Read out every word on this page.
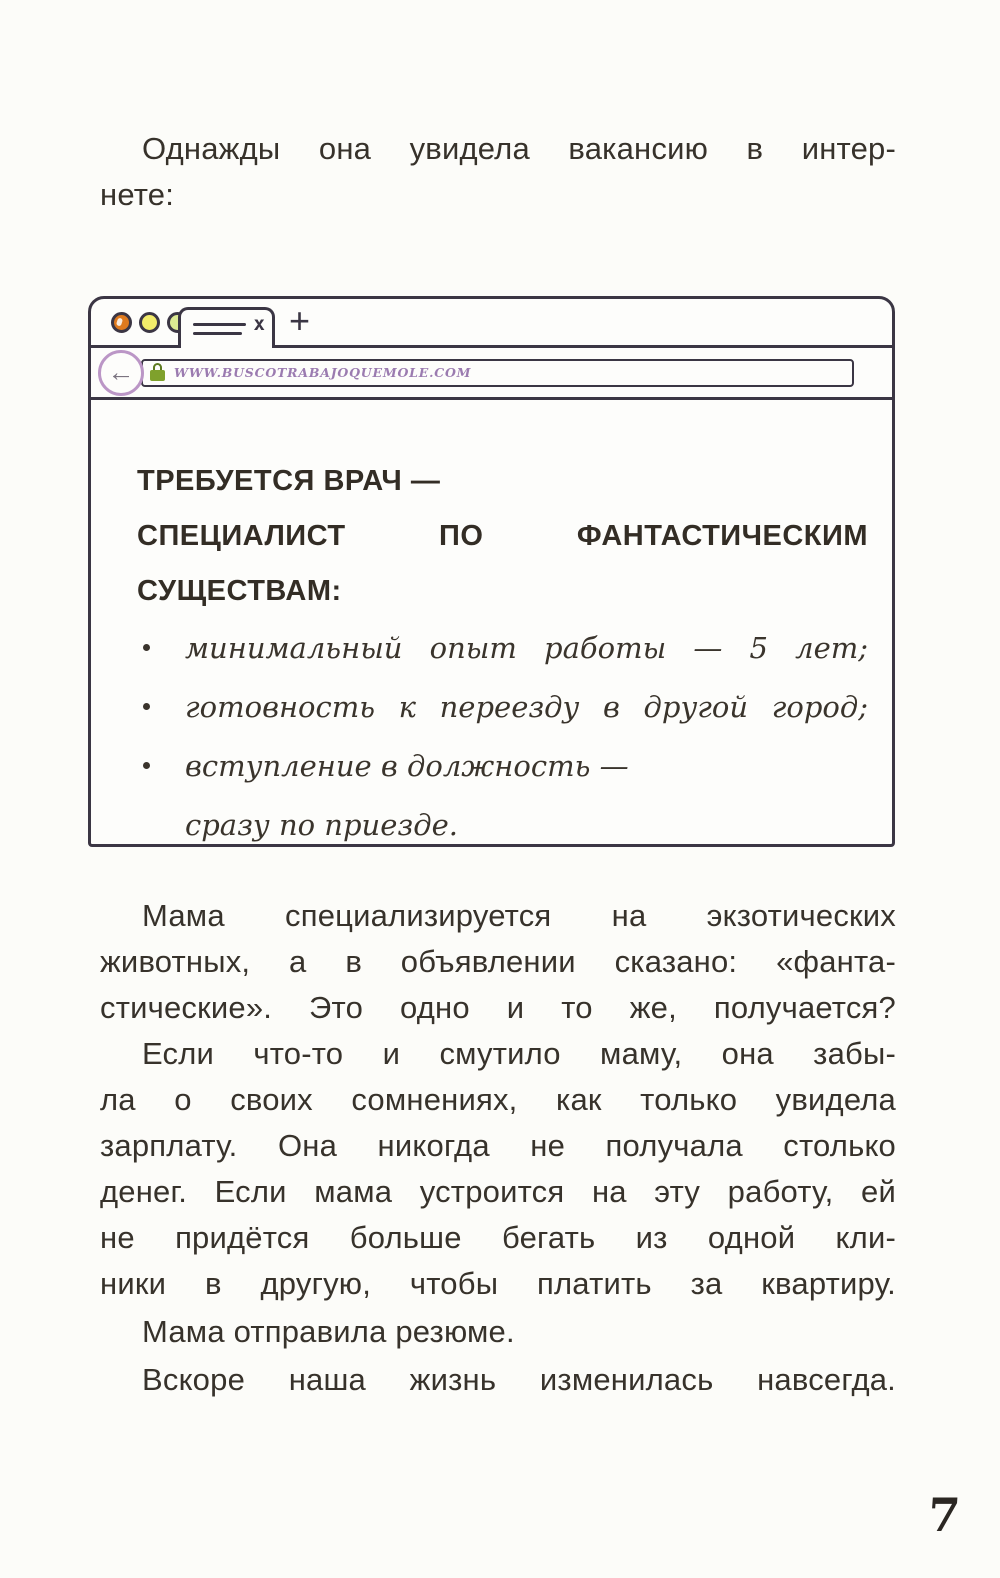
Однажды она увидела вакансию в интер-
нете:
x +
←	WWW.BUSCOTRABAJOQUEMOLE.COM
ТРЕБУЕТСЯ ВРАЧ —
СПЕЦИАЛИСТ ПО ФАНТАСТИЧЕСКИМ СУЩЕСТВАМ:
минимальный опыт работы — 5 лет;
готовность к переезду в другой город;
вступление в должность —
сразу по приезде.
Мама специализируется на экзотических
животных, а в объявлении сказано: «фанта-
стические». Это одно и то же, получается?
Если что-то и смутило маму, она забы-
ла о своих сомнениях, как только увидела
зарплату. Она никогда не получала столько
денег. Если мама устроится на эту работу, ей
не придётся больше бегать из одной кли-
ники в другую, чтобы платить за квартиру.
Мама отправила резюме.
Вскоре наша жизнь изменилась навсегда.
7
